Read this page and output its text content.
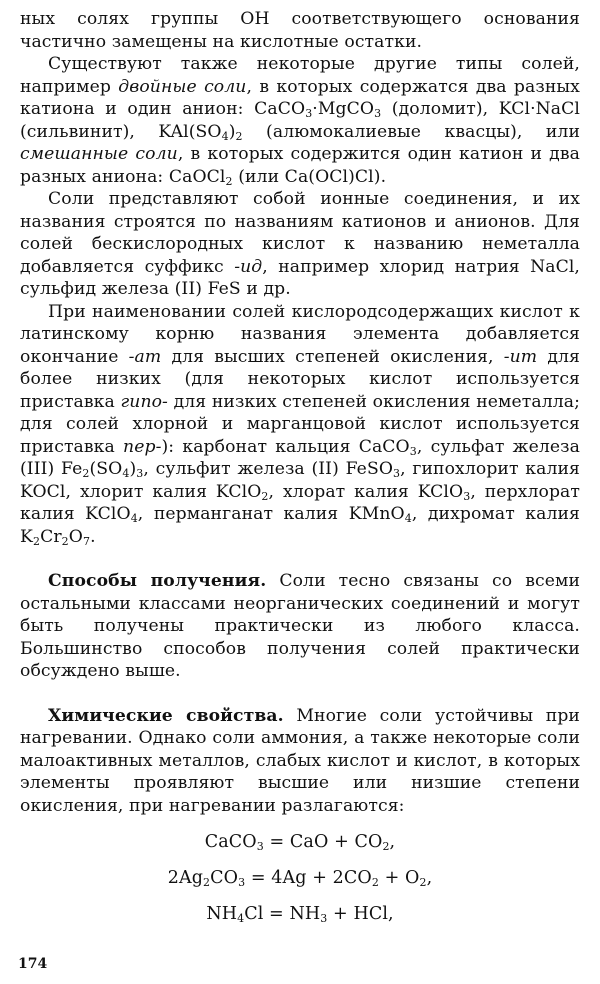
ных солях группы OH соответствующего основания частично замещены на кислотные остатки.

Существуют также некоторые другие типы солей, например двойные соли, в которых содержатся два разных катиона и один анион: CaCO$_3$·MgCO$_3$ (доломит), KCl·NaCl (сильвинит), $KAl(SO_4)_2$ (алюмокалиевые квасцы), или смешанные соли, в которых содержится один катион и два разных аниона: CaOCl$_2$ (или Ca(OCl)Cl).

Соли представляют собой ионные соединения, и их названия строятся по названиям катионов и анионов. Для солей бескислородных кислот к названию неметалла добавляется суффикс -ид, например хлорид натрия NaCl, сульфид железа (II) FeS и др.

При наименовании солей кислородсодержащих кислот к латинскому корню названия элемента добавляется окончание -ат для высших степеней окисления, -ит для более низких (для некоторых кислот используется приставка гипо- для низких степеней окисления неметалла; для солей хлорной и марганцовой кислот используется приставка пер-): карбонат кальция CaCO$_3$, сульфат железа (III) $Fe_2(SO_4)_3$, сульфит железа (II) FeSO$_3$, гипохлорит калия KOCl, хлорит калия KClO$_2$, хлорат калия KClO$_3$, перхлорат калия KClO$_4$, перманганат калия KMnO$_4$, дихромат калия $K_2Cr_2O_7$.

Способы получения. Соли тесно связаны со всеми остальными классами неорганических соединений и могут быть получены практически из любого класса. Большинство способов получения солей практически обсуждено выше.

Химические свойства. Многие соли устойчивы при нагревании. Однако соли аммония, а также некоторые соли малоактивных металлов, слабых кислот и кислот, в которых элементы проявляют высшие или низшие степени окисления, при нагревании разлагаются:

CaCO$_3$ = CaO + $CO_2$,

$2Ag_2CO_3 = 4Ag + 2CO_2 + O_2$,

$NH_4Cl = NH_3$ + HCl,

174
